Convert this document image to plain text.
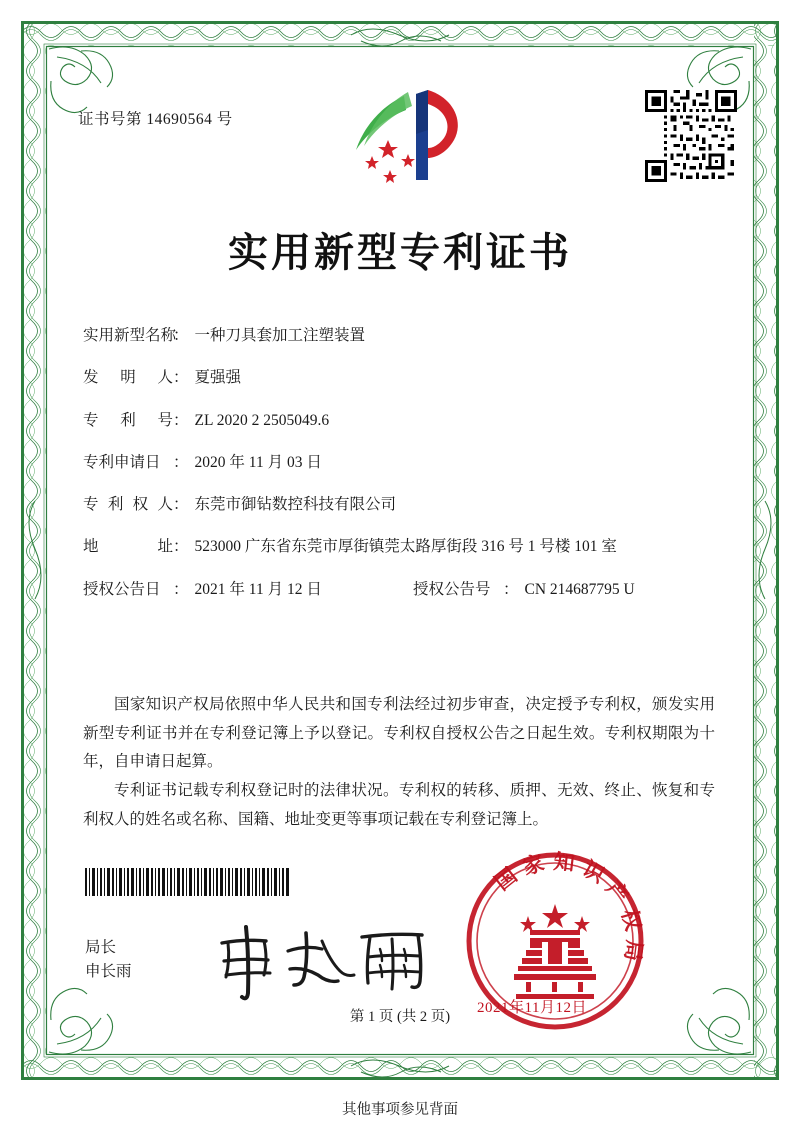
证书号第 14690564 号
实用新型专利证书
实用新型名称
： 一种刀具套加工注塑装置
发明人 ： 夏强强
专利号 ： ZL 2020 2 2505049.6
专利申请日 ： 2020 年 11 月 03 日
专利权人 ： 东莞市御钻数控科技有限公司
地址 ： 523000 广东省东莞市厚街镇莞太路厚街段 316 号 1 号楼 101 室
授权公告日 ： 2021 年 11 月 12 日	授权公告号 ： CN 214687795 U

国家知识产权局依照中华人民共和国专利法经过初步审查，决定授予专利权，颁发实用新型专利证书并在专利登记簿上予以登记。专利权自授权公告之日起生效。专利权期限为十年，自申请日起算。

专利证书记载专利权登记时的法律状况。专利权的转移、质押、无效、终止、恢复和专利权人的姓名或名称、国籍、地址变更等事项记载在专利登记簿上。

局长
申长雨
国 家 知 识 产 权 局
2021年11月12日
第 1 页 (共 2 页)
其他事项参见背面
